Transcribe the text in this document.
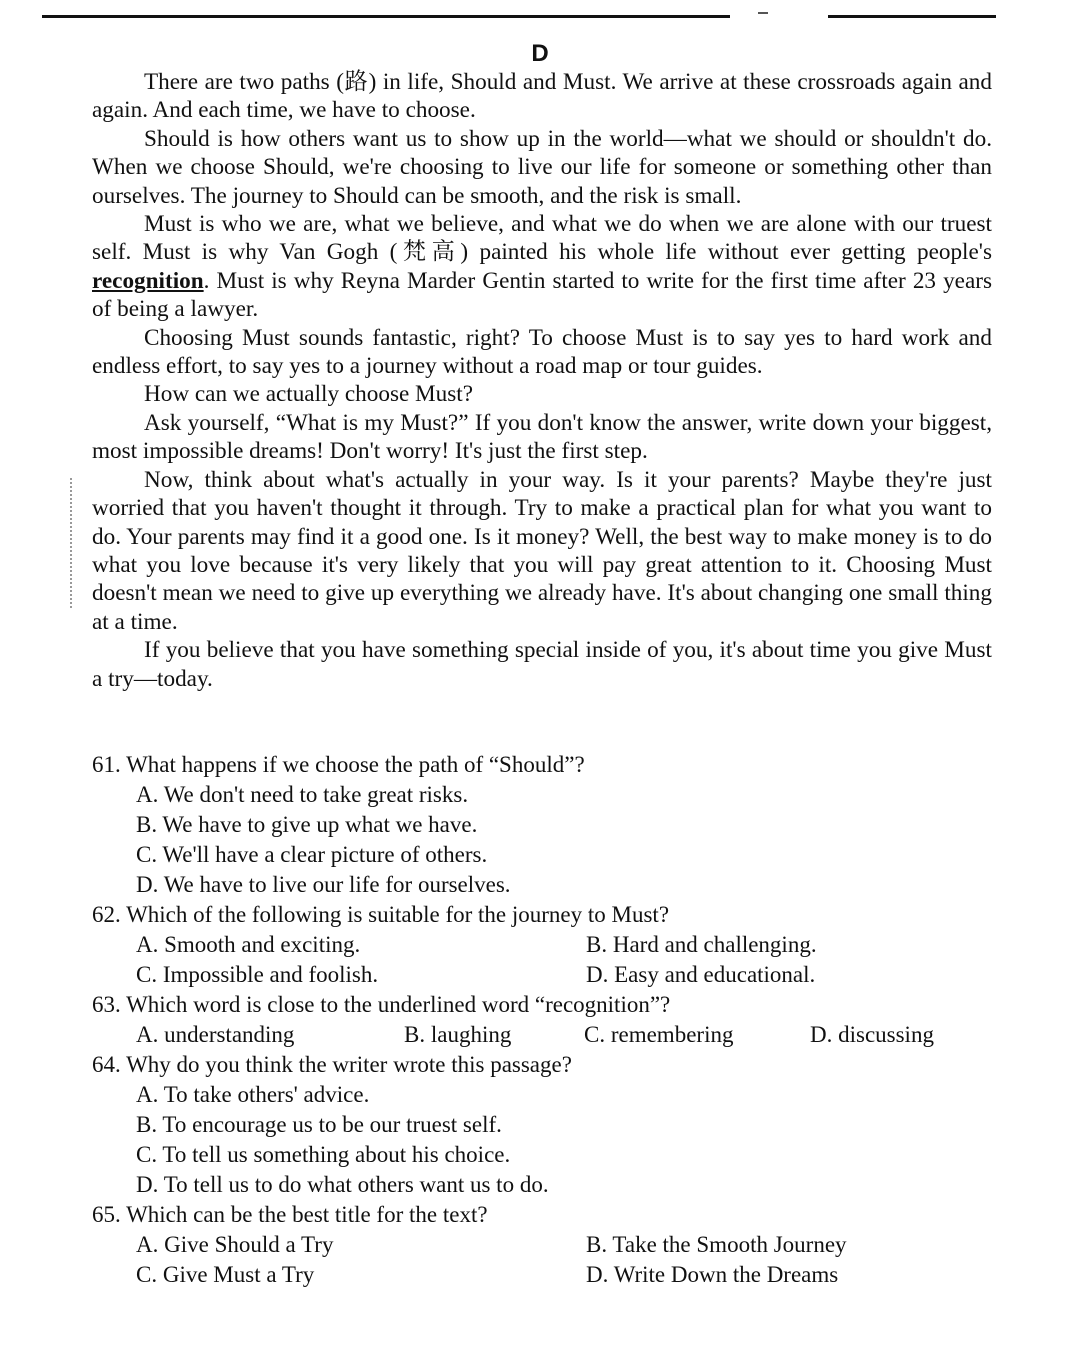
D

There are two paths (路) in life, Should and Must. We arrive at these crossroads again and again. And each time, we have to choose.

Should is how others want us to show up in the world—what we should or shouldn't do. When we choose Should, we're choosing to live our life for someone or something other than ourselves. The journey to Should can be smooth, and the risk is small.

Must is who we are, what we believe, and what we do when we are alone with our truest self. Must is why Van Gogh (梵高) painted his whole life without ever getting people's recognition. Must is why Reyna Marder Gentin started to write for the first time after 23 years of being a lawyer.

Choosing Must sounds fantastic, right? To choose Must is to say yes to hard work and endless effort, to say yes to a journey without a road map or tour guides.

How can we actually choose Must?

Ask yourself, “What is my Must?” If you don't know the answer, write down your biggest, most impossible dreams! Don't worry! It's just the first step.

Now, think about what's actually in your way. Is it your parents? Maybe they're just worried that you haven't thought it through. Try to make a practical plan for what you want to do. Your parents may find it a good one. Is it money? Well, the best way to make money is to do what you love because it's very likely that you will pay great attention to it. Choosing Must doesn't mean we need to give up everything we already have. It's about changing one small thing at a time.

If you believe that you have something special inside of you, it's about time you give Must a try—today.

61. What happens if we choose the path of “Should”?
A. We don't need to take great risks.
B. We have to give up what we have.
C. We'll have a clear picture of others.
D. We have to live our life for ourselves.
62. Which of the following is suitable for the journey to Must?
A. Smooth and exciting.	B. Hard and challenging.
C. Impossible and foolish.	D. Easy and educational.
63. Which word is close to the underlined word “recognition”?
A. understanding	B. laughing	C. remembering	D. discussing
64. Why do you think the writer wrote this passage?
A. To take others' advice.
B. To encourage us to be our truest self.
C. To tell us something about his choice.
D. To tell us to do what others want us to do.
65. Which can be the best title for the text?
A. Give Should a Try	B. Take the Smooth Journey
C. Give Must a Try	D. Write Down the Dreams
